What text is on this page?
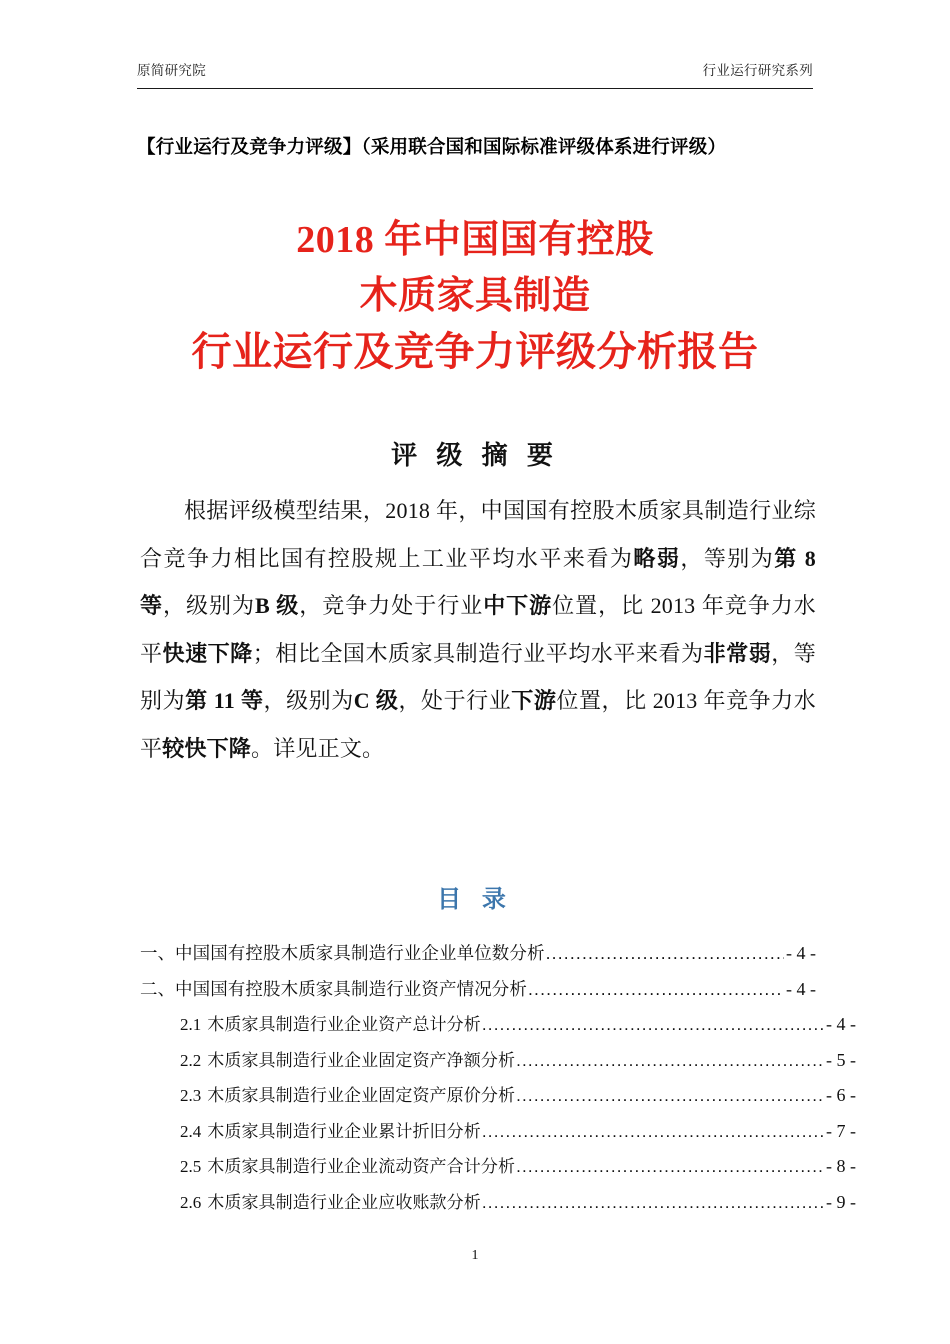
原简研究院	行业运行研究系列
【行业运行及竞争力评级】（采用联合国和国际标准评级体系进行评级）
2018 年中国国有控股
木质家具制造
行业运行及竞争力评级分析报告
评 级 摘 要
根据评级模型结果，2018 年，中国国有控股木质家具制造行业综合竞争力相比国有控股规上工业平均水平来看为略弱，等别为第 8 等，级别为B 级，竞争力处于行业中下游位置，比 2013 年竞争力水平快速下降；相比全国木质家具制造行业平均水平来看为非常弱，等别为第 11 等，级别为C 级，处于行业下游位置，比 2013 年竞争力水平较快下降。详见正文。
目 录
一、 中国国有控股木质家具制造行业企业单位数分析 .....	- 4 -
二、 中国国有控股木质家具制造行业资产情况分析 .....	- 4 -
2.1 木质家具制造行业企业资产总计分析 .....	- 4 -
2.2 木质家具制造行业企业固定资产净额分析 .....	- 5 -
2.3 木质家具制造行业企业固定资产原价分析 .....	- 6 -
2.4 木质家具制造行业企业累计折旧分析 .....	- 7 -
2.5 木质家具制造行业企业流动资产合计分析 .....	- 8 -
2.6 木质家具制造行业企业应收账款分析 .....	- 9 -
1
